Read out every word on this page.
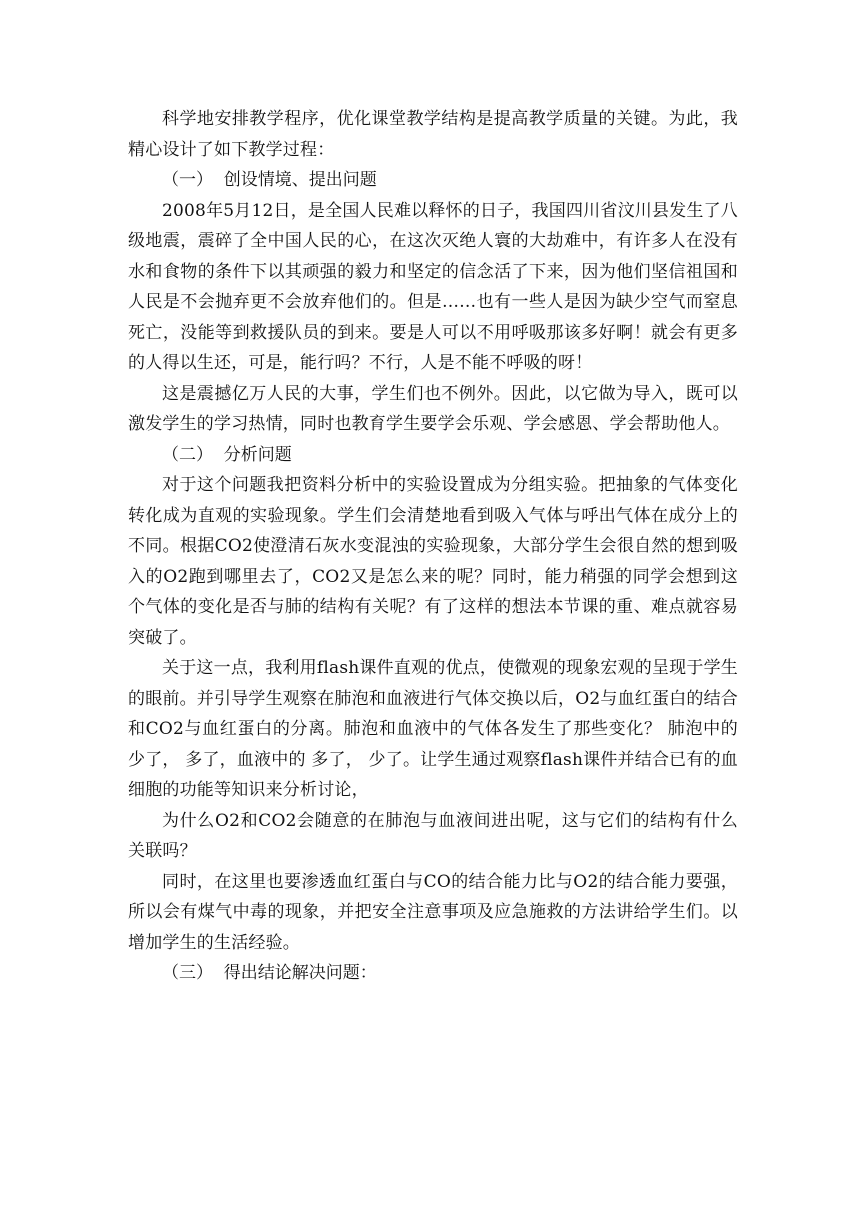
科学地安排教学程序，优化课堂教学结构是提高教学质量的关键。为此，我精心设计了如下教学过程：

（一）  创设情境、提出问题

2008年5月12日，是全国人民难以释怀的日子，我国四川省汶川县发生了八级地震，震碎了全中国人民的心，在这次灭绝人寰的大劫难中，有许多人在没有水和食物的条件下以其顽强的毅力和坚定的信念活了下来，因为他们坚信祖国和人民是不会抛弃更不会放弃他们的。但是……也有一些人是因为缺少空气而窒息死亡，没能等到救援队员的到来。要是人可以不用呼吸那该多好啊！就会有更多的人得以生还，可是，能行吗？不行，人是不能不呼吸的呀！

这是震撼亿万人民的大事，学生们也不例外。因此，以它做为导入，既可以激发学生的学习热情，同时也教育学生要学会乐观、学会感恩、学会帮助他人。

（二）  分析问题

对于这个问题我把资料分析中的实验设置成为分组实验。把抽象的气体变化转化成为直观的实验现象。学生们会清楚地看到吸入气体与呼出气体在成分上的不同。根据CO2使澄清石灰水变混浊的实验现象，大部分学生会很自然的想到吸入的O2跑到哪里去了，CO2又是怎么来的呢？同时，能力稍强的同学会想到这个气体的变化是否与肺的结构有关呢？有了这样的想法本节课的重、难点就容易突破了。

关于这一点，我利用flash课件直观的优点，使微观的现象宏观的呈现于学生的眼前。并引导学生观察在肺泡和血液进行气体交换以后，O2与血红蛋白的结合和CO2与血红蛋白的分离。肺泡和血液中的气体各发生了那些变化？ 肺泡中的 少了， 多了，血液中的 多了， 少了。让学生通过观察flash课件并结合已有的血细胞的功能等知识来分析讨论，

为什么O2和CO2会随意的在肺泡与血液间进出呢，这与它们的结构有什么关联吗？

同时，在这里也要渗透血红蛋白与CO的结合能力比与O2的结合能力要强，所以会有煤气中毒的现象，并把安全注意事项及应急施救的方法讲给学生们。以增加学生的生活经验。

（三）  得出结论解决问题：
